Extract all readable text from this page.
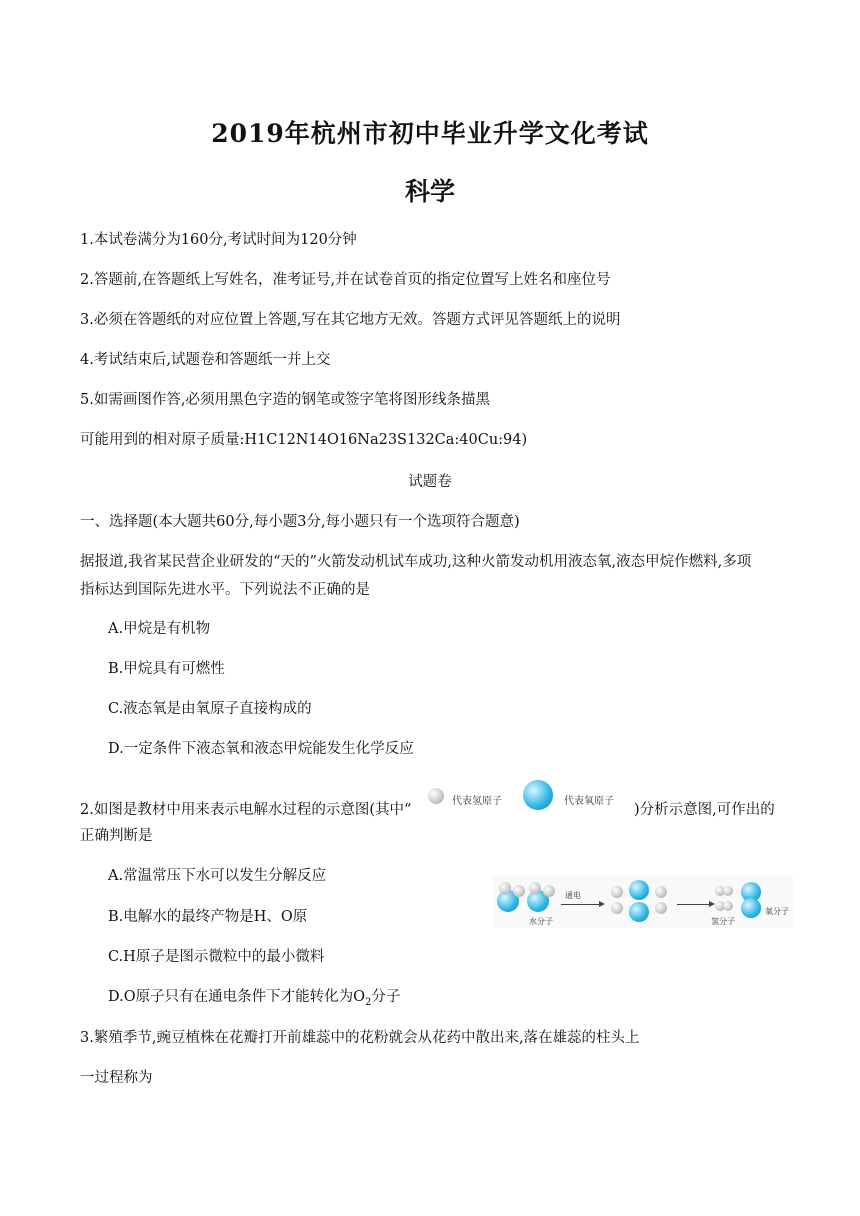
2019年杭州市初中毕业升学文化考试
科学
1.本试卷满分为160分,考试时间为120分钟
2.答题前,在答题纸上写姓名，准考证号,并在试卷首页的指定位置写上姓名和座位号
3.必须在答题纸的对应位置上答题,写在其它地方无效。答题方式评见答题纸上的说明
4.考试结束后,试题卷和答题纸一并上交
5.如需画图作答,必须用黑色字造的钢笔或签字笔将图形线条描黑
可能用到的相对原子质量:H1C12N14O16Na23S132Ca:40Cu:94)
试题卷
一、选择题(本大题共60分,每小题3分,每小题只有一个选项符合题意)
据报道,我省某民营企业研发的“天的”火箭发动机试车成功,这种火箭发动机用液态氧,液态甲烷作燃料,多项
指标达到国际先进水平。下列说法不正确的是
A.甲烷是有机物
B.甲烷具有可燃性
C.液态氧是由氧原子直接构成的
D.一定条件下液态氧和液态甲烷能发生化学反应
2.如图是教材中用来表示电解水过程的示意图(其中“
代表氢原子	代表氧原子
)分析示意图,可作出的
正确判断是
A.常温常压下水可以发生分解反应
B.电解水的最终产物是H、O原
C.H原子是图示微粒中的最小微料
D.O原子只有在通电条件下才能转化为$O_2$分子
水分子
通电
氢分子
氧分子
3.繁殖季节,豌豆植株在花瓣打开前雄蕊中的花粉就会从花药中散出来,落在雄蕊的柱头上
一过程称为
